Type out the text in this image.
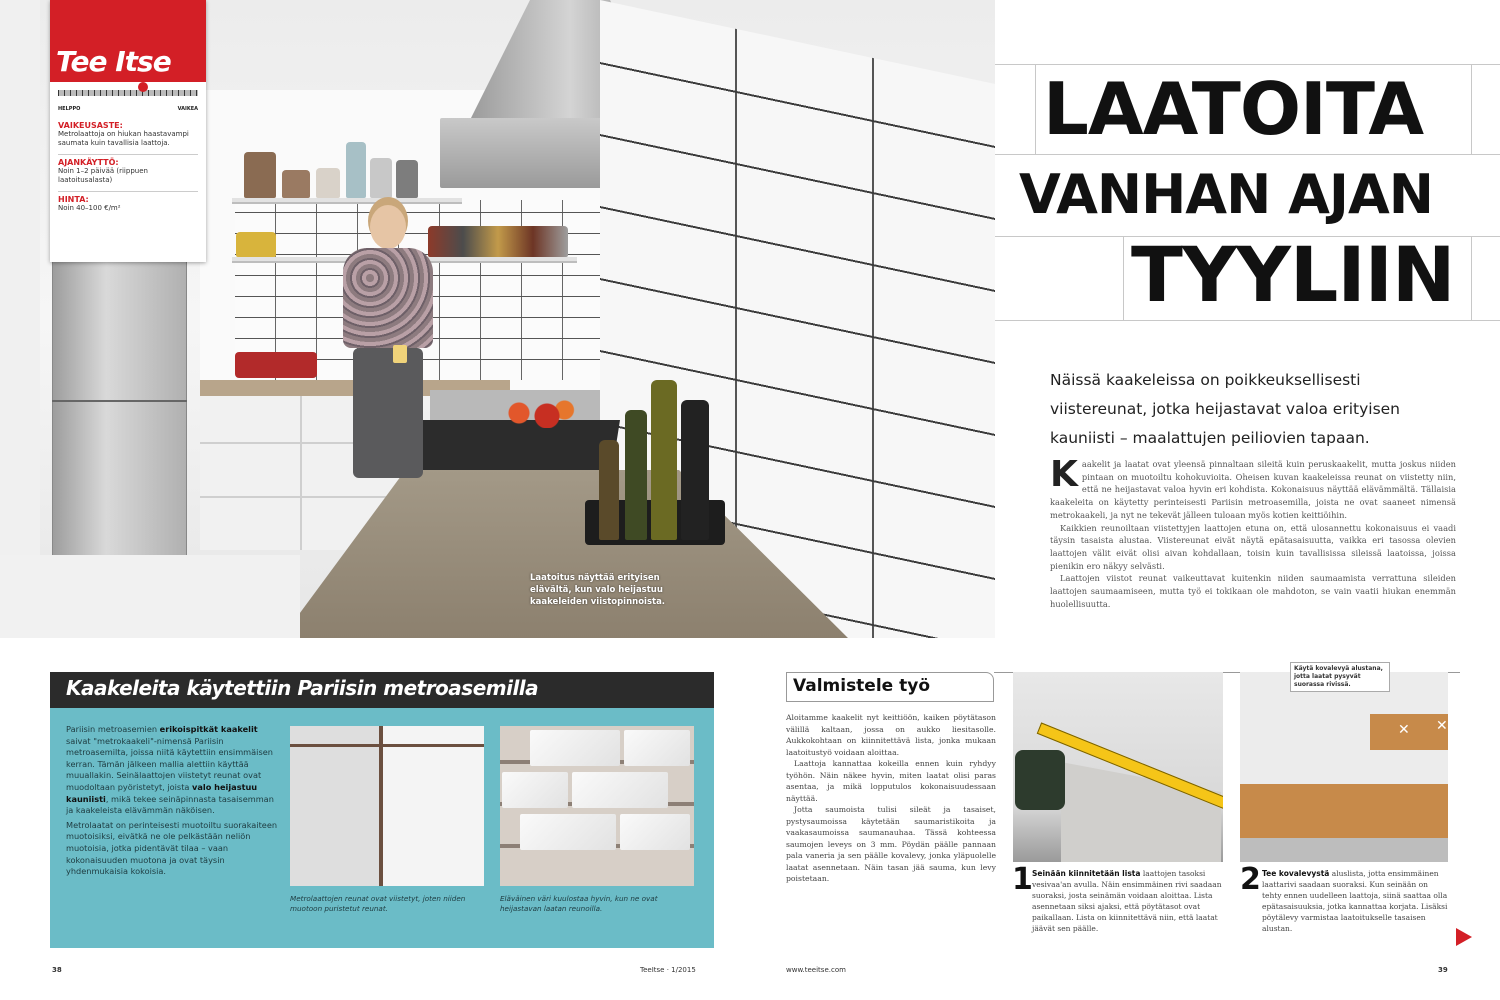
Laatoitus näyttää erityisen elävältä, kun valo heijastuu kaakeleiden viistopinnoista.
Tee Itse
HELPPO	VAIKEA
VAIKEUSASTE:
Metrolaattoja on hiukan haastavampi saumata kuin tavallisia laattoja.
AJANKÄYTTÖ:
Noin 1–2 päivää (riippuen laatoitusalasta)
HINTA:
Noin 40–100 €/m²
LAATOITA
VANHAN AJAN
TYYLIIN
Näissä kaakeleissa on poikkeuksellisesti viistereunat, jotka heijastavat valoa erityisen kauniisti – maalattujen peiliovien tapaan.
K aakelit ja laatat ovat yleensä pinnaltaan sileitä kuin peruskaakelit, mutta joskus niiden pintaan on muotoiltu kohokuvioita. Oheisen kuvan kaakeleissa reunat on viistetty niin, että ne heijastavat valoa hyvin eri kohdista. Kokonaisuus näyttää elävämmältä. Tällaisia kaakeleita on käytetty perinteisesti Pariisin metroasemilla, joista ne ovat saaneet nimensä metrokaakeli, ja nyt ne tekevät jälleen tuloaan myös kotien keittiöihin.

Kaikkien reunoiltaan viistettyjen laattojen etuna on, että ulosannettu kokonaisuus ei vaadi täysin tasaista alustaa. Viistereunat eivät näytä epätasaisuutta, vaikka eri tasossa olevien laattojen välit eivät olisi aivan kohdallaan, toisin kuin tavallisissa sileissä laatoissa, joissa pienikin ero näkyy selvästi.

Laattojen viistot reunat vaikeuttavat kuitenkin niiden saumaamista verrattuna sileiden laattojen saumaamiseen, mutta työ ei tokikaan ole mahdoton, se vain vaatii hiukan enemmän huolellisuutta.

Kaakeleita käytettiin Pariisin metroasemilla

Pariisin metroasemien erikoispitkät kaakelit saivat "metrokaakeli"-nimensä Pariisin metroasemilta, joissa niitä käytettiin ensimmäisen kerran. Tämän jälkeen mallia alettiin käyttää muuallakin. Seinälaattojen viistetyt reunat ovat muodoltaan pyöristetyt, joista valo heijastuu kauniisti, mikä tekee seinäpinnasta tasaisemman ja kaakeleista elävämmän näköisen.

Metrolaatat on perinteisesti muotoiltu suorakaiteen muotoisiksi, eivätkä ne ole pelkästään neliön muotoisia, jotka pidentävät tilaa – vaan kokonaisuuden muotona ja ovat täysin yhdenmukaisia kokoisia.

Metrolaattojen reunat ovat viistetyt, joten niiden muotoon puristetut reunat.
Eläväinen väri kuulostaa hyvin, kun ne ovat heijastavan laatan reunoilla.
38	TeeItse · 1/2015	www.teeitse.com	39
Valmistele työ

Aloitamme kaakelit nyt keittiöön, kaiken pöytätason välillä kaltaan, jossa on aukko liesitasolle. Aukkokohtaan on kiinnitettävä lista, jonka mukaan laatoitustyö voidaan aloittaa.

Laattoja kannattaa kokeilla ennen kuin ryhdyy työhön. Näin näkee hyvin, miten laatat olisi paras asentaa, ja mikä lopputulos kokonaisuudessaan näyttää.

Jotta saumoista tulisi sileät ja tasaiset, pystysaumoissa käytetään saumaristikoita ja vaakasaumoissa saumanauhaa. Tässä kohteessa saumojen leveys on 3 mm. Pöydän päälle pannaan pala vaneria ja sen päälle kovalevy, jonka yläpuolelle laatat asennetaan. Näin tasan jää sauma, kun levy poistetaan.

✕ ✕
Käytä kovalevyä alustana, jotta laatat pysyvät suorassa rivissä.
1 Seinään kiinnitetään lista laattojen tasoksi vesivaa'an avulla. Näin ensimmäinen rivi saadaan suoraksi, josta seinämän voidaan aloittaa. Lista asennetaan siksi ajaksi, että pöytätasot ovat paikallaan. Lista on kiinnitettävä niin, että laatat jäävät sen päälle.
2 Tee kovalevystä aluslista, jotta ensimmäinen laattarivi saadaan suoraksi. Kun seinään on tehty ennen uudelleen laattoja, siinä saattaa olla epätasaisuuksia, jotka kannattaa korjata. Lisäksi pöytälevy varmistaa laatoitukselle tasaisen alustan.
